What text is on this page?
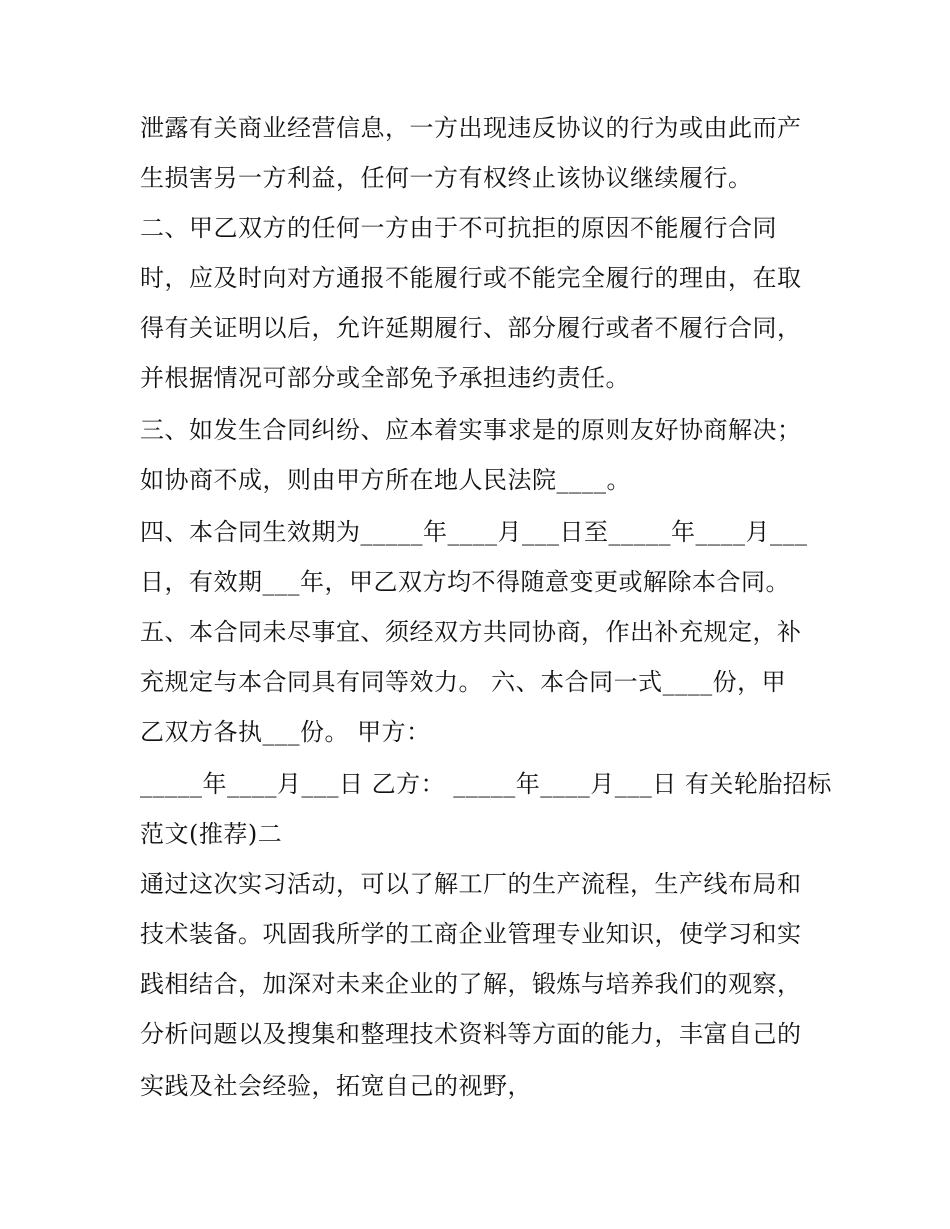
泄露有关商业经营信息，一方出现违反协议的行为或由此而产
生损害另一方利益，任何一方有权终止该协议继续履行。
二、甲乙双方的任何一方由于不可抗拒的原因不能履行合同
时，应及时向对方通报不能履行或不能完全履行的理由，在取
得有关证明以后，允许延期履行、部分履行或者不履行合同，
并根据情况可部分或全部免予承担违约责任。
三、如发生合同纠纷、应本着实事求是的原则友好协商解决；
如协商不成，则由甲方所在地人民法院____。
四、本合同生效期为_____年____月___日至_____年____月___
日，有效期___年，甲乙双方均不得随意变更或解除本合同。
五、本合同未尽事宜、须经双方共同协商，作出补充规定，补
充规定与本合同具有同等效力。 六、本合同一式____份，甲
乙双方各执___份。 甲方：
_____年____月___日 乙方： _____年____月___日 有关轮胎招标
范文(推荐)二
通过这次实习活动，可以了解工厂的生产流程，生产线布局和
技术装备。巩固我所学的工商企业管理专业知识，使学习和实
践相结合，加深对未来企业的了解，锻炼与培养我们的观察，
分析问题以及搜集和整理技术资料等方面的能力，丰富自己的
实践及社会经验，拓宽自己的视野，
